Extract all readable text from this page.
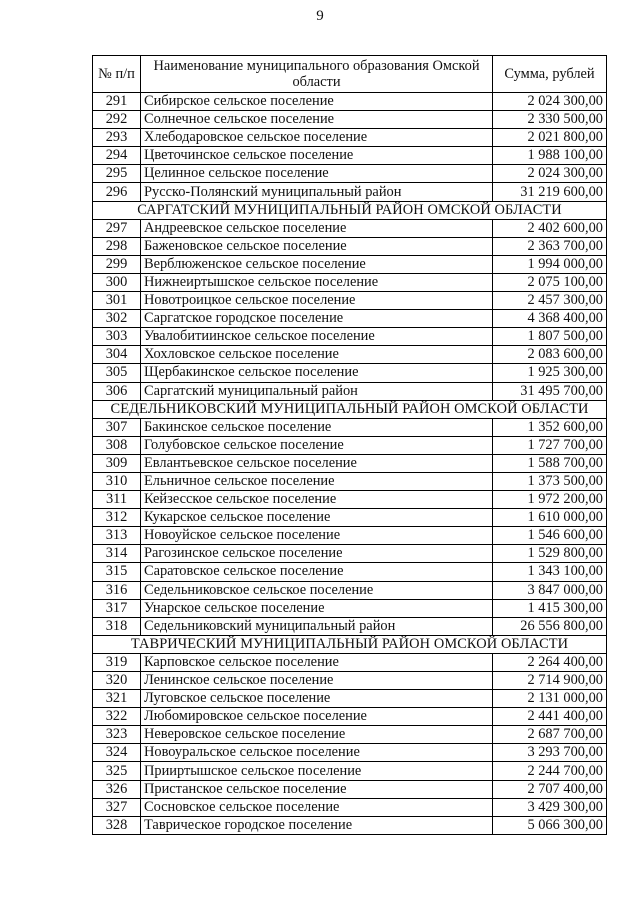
9
№ п/п	Наименование муниципального образования Омской области	Сумма, рублей
291	Сибирское сельское поселение	2 024 300,00
292	Солнечное сельское поселение	2 330 500,00
293	Хлебодаровское сельское поселение	2 021 800,00
294	Цветочинское сельское поселение	1 988 100,00
295	Целинное сельское поселение	2 024 300,00
296	Русско-Полянский муниципальный район	31 219 600,00
САРГАТСКИЙ МУНИЦИПАЛЬНЫЙ РАЙОН ОМСКОЙ ОБЛАСТИ		
297	Андреевское сельское поселение	2 402 600,00
298	Баженовское сельское поселение	2 363 700,00
299	Верблюженское сельское поселение	1 994 000,00
300	Нижнеиртышское сельское поселение	2 075 100,00
301	Новотроицкое сельское поселение	2 457 300,00
302	Саргатское городское поселение	4 368 400,00
303	Увалобитиинское сельское поселение	1 807 500,00
304	Хохловское сельское поселение	2 083 600,00
305	Щербакинское сельское поселение	1 925 300,00
306	Саргатский муниципальный район	31 495 700,00
СЕДЕЛЬНИКОВСКИЙ МУНИЦИПАЛЬНЫЙ РАЙОН ОМСКОЙ ОБЛАСТИ		
307	Бакинское сельское поселение	1 352 600,00
308	Голубовское сельское поселение	1 727 700,00
309	Евлантьевское сельское поселение	1 588 700,00
310	Ельничное сельское поселение	1 373 500,00
311	Кейзесское сельское поселение	1 972 200,00
312	Кукарское сельское поселение	1 610 000,00
313	Новоуйское сельское поселение	1 546 600,00
314	Рагозинское сельское поселение	1 529 800,00
315	Саратовское сельское поселение	1 343 100,00
316	Седельниковское сельское поселение	3 847 000,00
317	Унарское сельское поселение	1 415 300,00
318	Седельниковский муниципальный район	26 556 800,00
ТАВРИЧЕСКИЙ МУНИЦИПАЛЬНЫЙ РАЙОН ОМСКОЙ ОБЛАСТИ		
319	Карповское сельское поселение	2 264 400,00
320	Ленинское сельское поселение	2 714 900,00
321	Луговское сельское поселение	2 131 000,00
322	Любомировское сельское поселение	2 441 400,00
323	Неверовское сельское поселение	2 687 700,00
324	Новоуральское сельское поселение	3 293 700,00
325	Прииртышское сельское поселение	2 244 700,00
326	Пристанское сельское поселение	2 707 400,00
327	Сосновское сельское поселение	3 429 300,00
328	Таврическое городское поселение	5 066 300,00
